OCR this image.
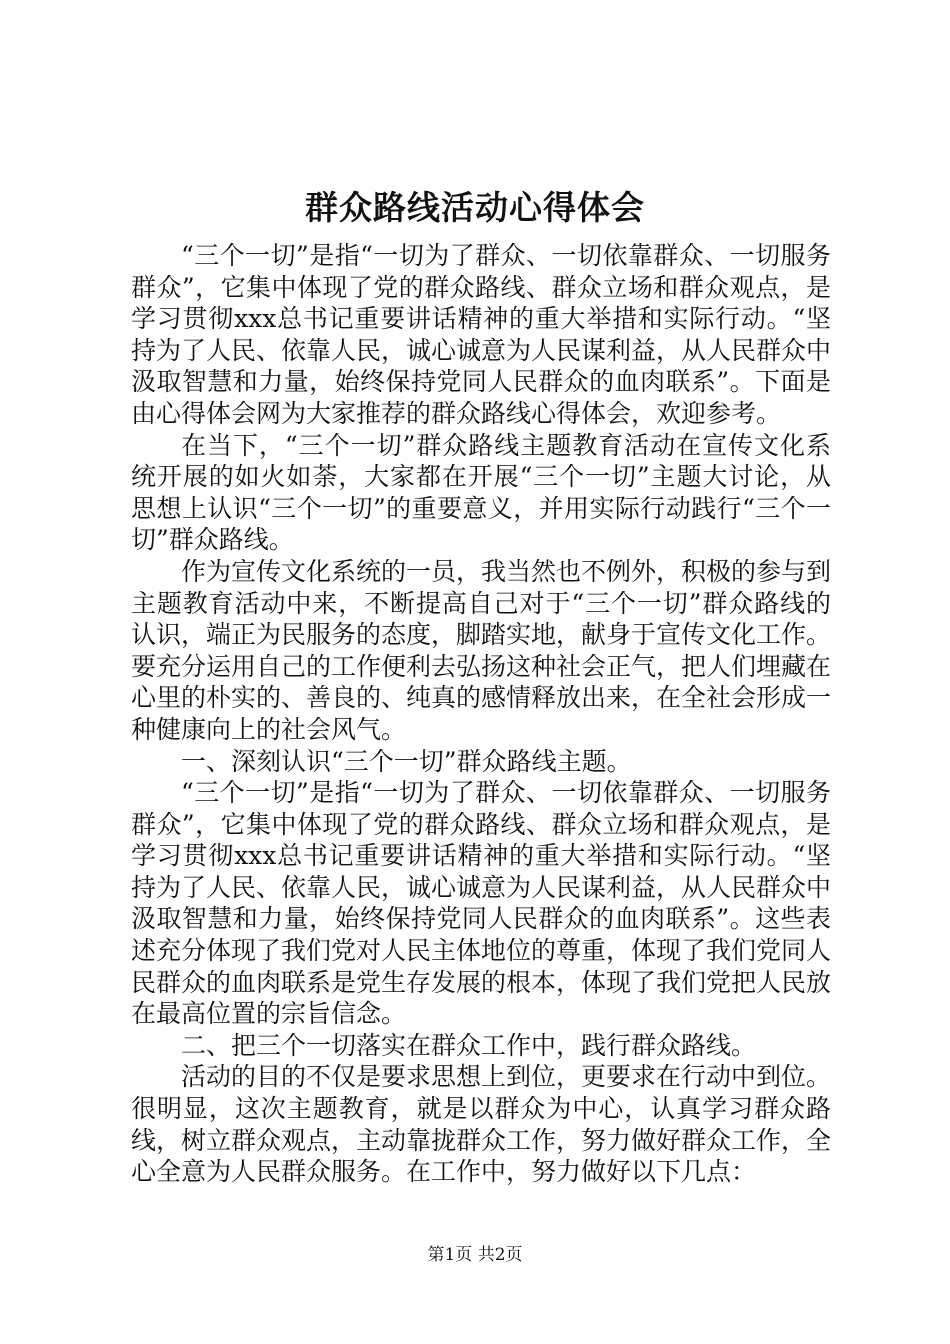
群众路线活动心得体会

“三个一切”是指“一切为了群众、一切依靠群众、一切服务群众”，它集中体现了党的群众路线、群众立场和群众观点，是学习贯彻xxx总书记重要讲话精神的重大举措和实际行动。“坚持为了人民、依靠人民，诚心诚意为人民谋利益，从人民群众中汲取智慧和力量，始终保持党同人民群众的血肉联系”。下面是由心得体会网为大家推荐的群众路线心得体会，欢迎参考。

在当下，“三个一切”群众路线主题教育活动在宣传文化系统开展的如火如荼，大家都在开展“三个一切”主题大讨论，从思想上认识“三个一切”的重要意义，并用实际行动践行“三个一切”群众路线。

作为宣传文化系统的一员，我当然也不例外，积极的参与到主题教育活动中来，不断提高自己对于“三个一切”群众路线的认识，端正为民服务的态度，脚踏实地，献身于宣传文化工作。要充分运用自己的工作便利去弘扬这种社会正气，把人们埋藏在心里的朴实的、善良的、纯真的感情释放出来，在全社会形成一种健康向上的社会风气。

一、深刻认识“三个一切”群众路线主题。

“三个一切”是指“一切为了群众、一切依靠群众、一切服务群众”，它集中体现了党的群众路线、群众立场和群众观点，是学习贯彻xxx总书记重要讲话精神的重大举措和实际行动。“坚持为了人民、依靠人民，诚心诚意为人民谋利益，从人民群众中汲取智慧和力量，始终保持党同人民群众的血肉联系”。这些表述充分体现了我们党对人民主体地位的尊重，体现了我们党同人民群众的血肉联系是党生存发展的根本，体现了我们党把人民放在最高位置的宗旨信念。

二、把三个一切落实在群众工作中，践行群众路线。

活动的目的不仅是要求思想上到位，更要求在行动中到位。很明显，这次主题教育，就是以群众为中心，认真学习群众路线，树立群众观点，主动靠拢群众工作，努力做好群众工作，全心全意为人民群众服务。在工作中，努力做好以下几点：

第1页 共2页
